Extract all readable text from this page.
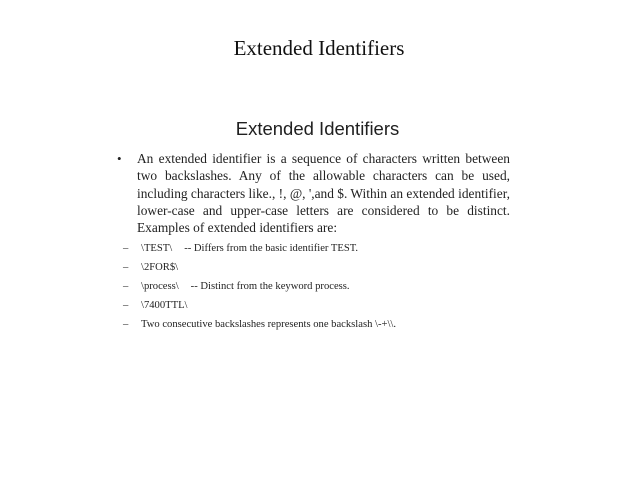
Extended Identifiers
Extended Identifiers
•	An extended identifier is a sequence of characters written between two backslashes. Any of the allowable characters can be used, including characters like., !, @, ',and $. Within an extended identifier, lower-case and upper-case letters are considered to be distinct. Examples of extended identifiers are:
–	\TEST\ -- Differs from the basic identifier TEST.
–	\2FOR$\
–	\process\ -- Distinct from the keyword process.
–	\7400TTL\
–	Two consecutive backslashes represents one backslash \-+\\.
